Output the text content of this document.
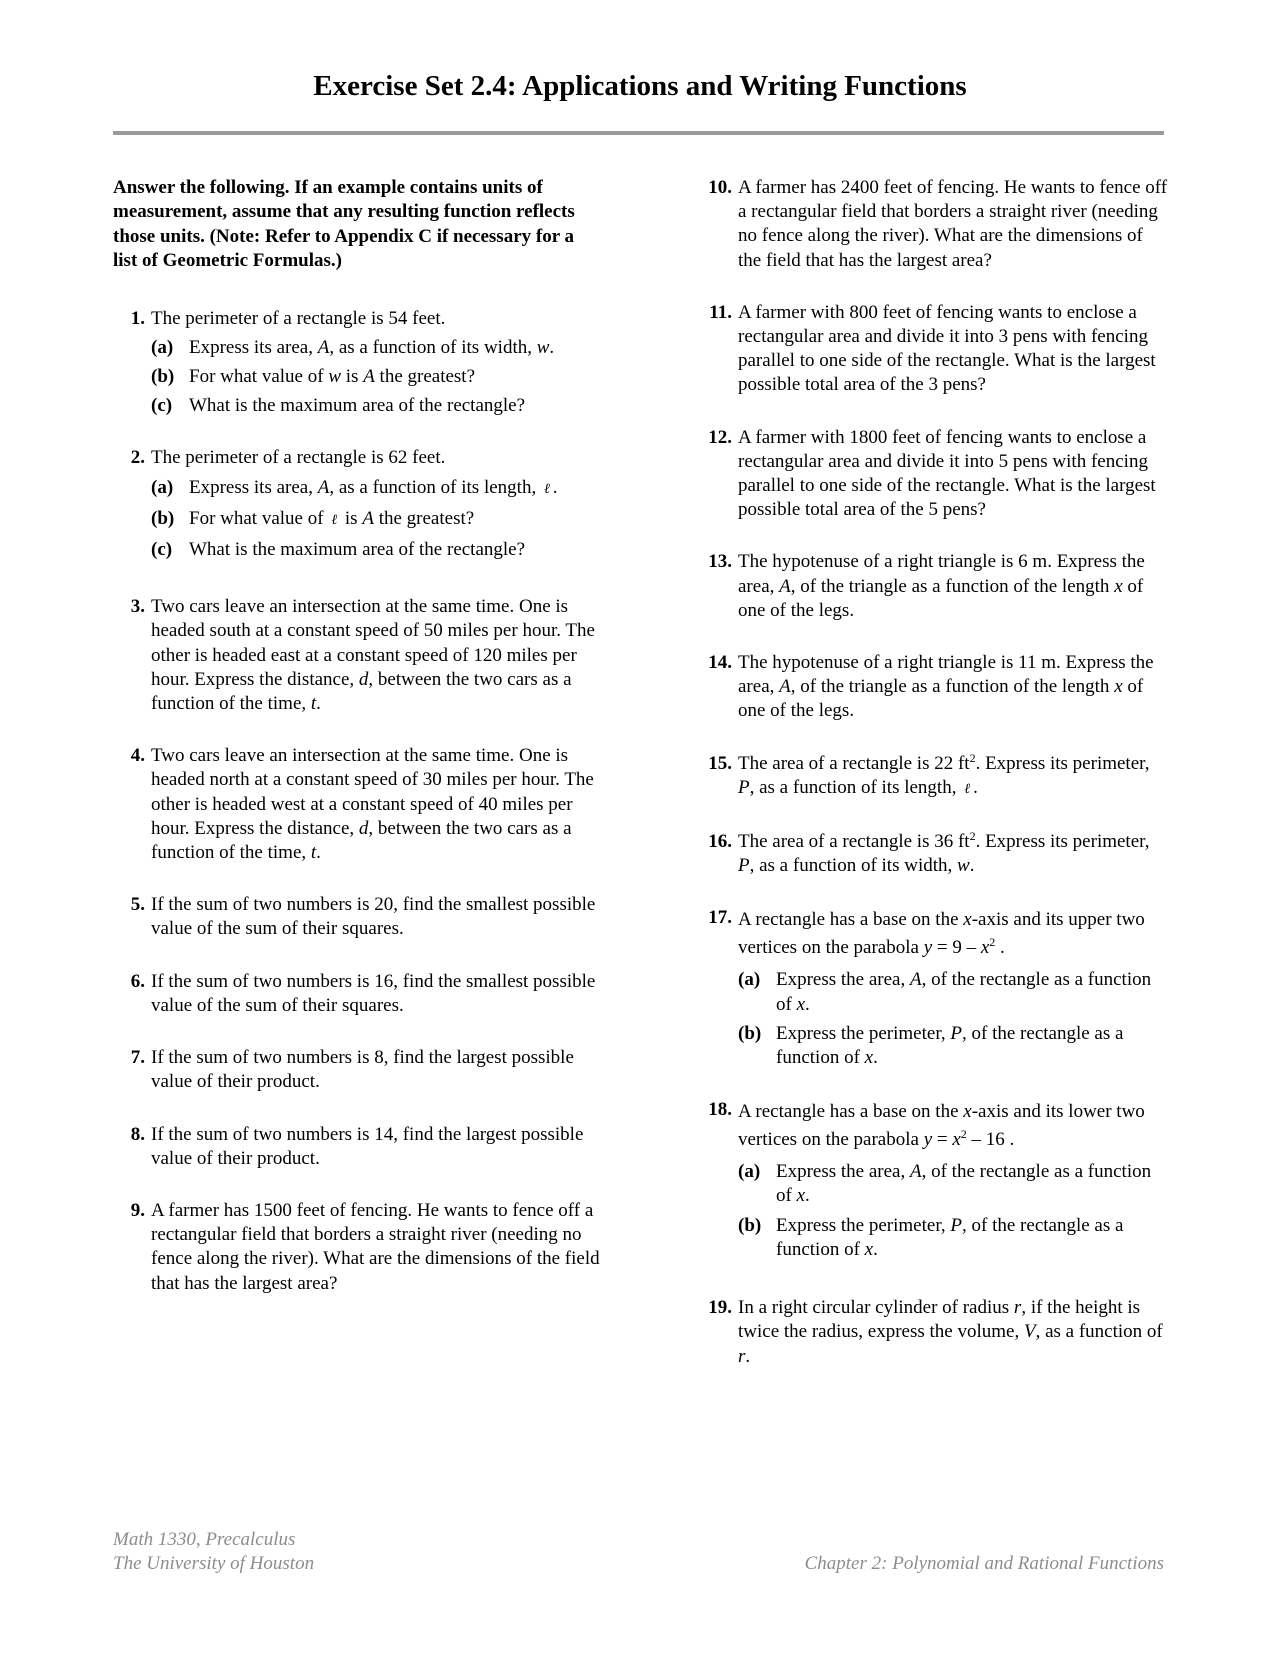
Exercise Set 2.4: Applications and Writing Functions
Answer the following. If an example contains units of measurement, assume that any resulting function reflects those units. (Note: Refer to Appendix C if necessary for a list of Geometric Formulas.)
1. The perimeter of a rectangle is 54 feet.
(a) Express its area, A, as a function of its width, w.
(b) For what value of w is A the greatest?
(c) What is the maximum area of the rectangle?
2. The perimeter of a rectangle is 62 feet.
(a) Express its area, A, as a function of its length, ℓ .
(b) For what value of ℓ is A the greatest?
(c) What is the maximum area of the rectangle?
3. Two cars leave an intersection at the same time. One is headed south at a constant speed of 50 miles per hour. The other is headed east at a constant speed of 120 miles per hour. Express the distance, d, between the two cars as a function of the time, t.
4. Two cars leave an intersection at the same time. One is headed north at a constant speed of 30 miles per hour. The other is headed west at a constant speed of 40 miles per hour. Express the distance, d, between the two cars as a function of the time, t.
5. If the sum of two numbers is 20, find the smallest possible value of the sum of their squares.
6. If the sum of two numbers is 16, find the smallest possible value of the sum of their squares.
7. If the sum of two numbers is 8, find the largest possible value of their product.
8. If the sum of two numbers is 14, find the largest possible value of their product.
9. A farmer has 1500 feet of fencing. He wants to fence off a rectangular field that borders a straight river (needing no fence along the river). What are the dimensions of the field that has the largest area?
10. A farmer has 2400 feet of fencing. He wants to fence off a rectangular field that borders a straight river (needing no fence along the river). What are the dimensions of the field that has the largest area?
11. A farmer with 800 feet of fencing wants to enclose a rectangular area and divide it into 3 pens with fencing parallel to one side of the rectangle. What is the largest possible total area of the 3 pens?
12. A farmer with 1800 feet of fencing wants to enclose a rectangular area and divide it into 5 pens with fencing parallel to one side of the rectangle. What is the largest possible total area of the 5 pens?
13. The hypotenuse of a right triangle is 6 m. Express the area, A, of the triangle as a function of the length x of one of the legs.
14. The hypotenuse of a right triangle is 11 m. Express the area, A, of the triangle as a function of the length x of one of the legs.
15. The area of a rectangle is 22 $ft^2$. Express its perimeter, P, as a function of its length, ℓ .
16. The area of a rectangle is 36 $ft^2$. Express its perimeter, P, as a function of its width, w.
17. A rectangle has a base on the x-axis and its upper two vertices on the parabola $y = 9 - x^2$ .
(a) Express the area, A, of the rectangle as a function of x.
(b) Express the perimeter, P, of the rectangle as a function of x.
18. A rectangle has a base on the x-axis and its lower two vertices on the parabola $y = x^2 - 16$ .
(a) Express the area, A, of the rectangle as a function of x.
(b) Express the perimeter, P, of the rectangle as a function of x.
19. In a right circular cylinder of radius r, if the height is twice the radius, express the volume, V, as a function of r.
Math 1330, Precalculus
The University of Houston	Chapter 2: Polynomial and Rational Functions
